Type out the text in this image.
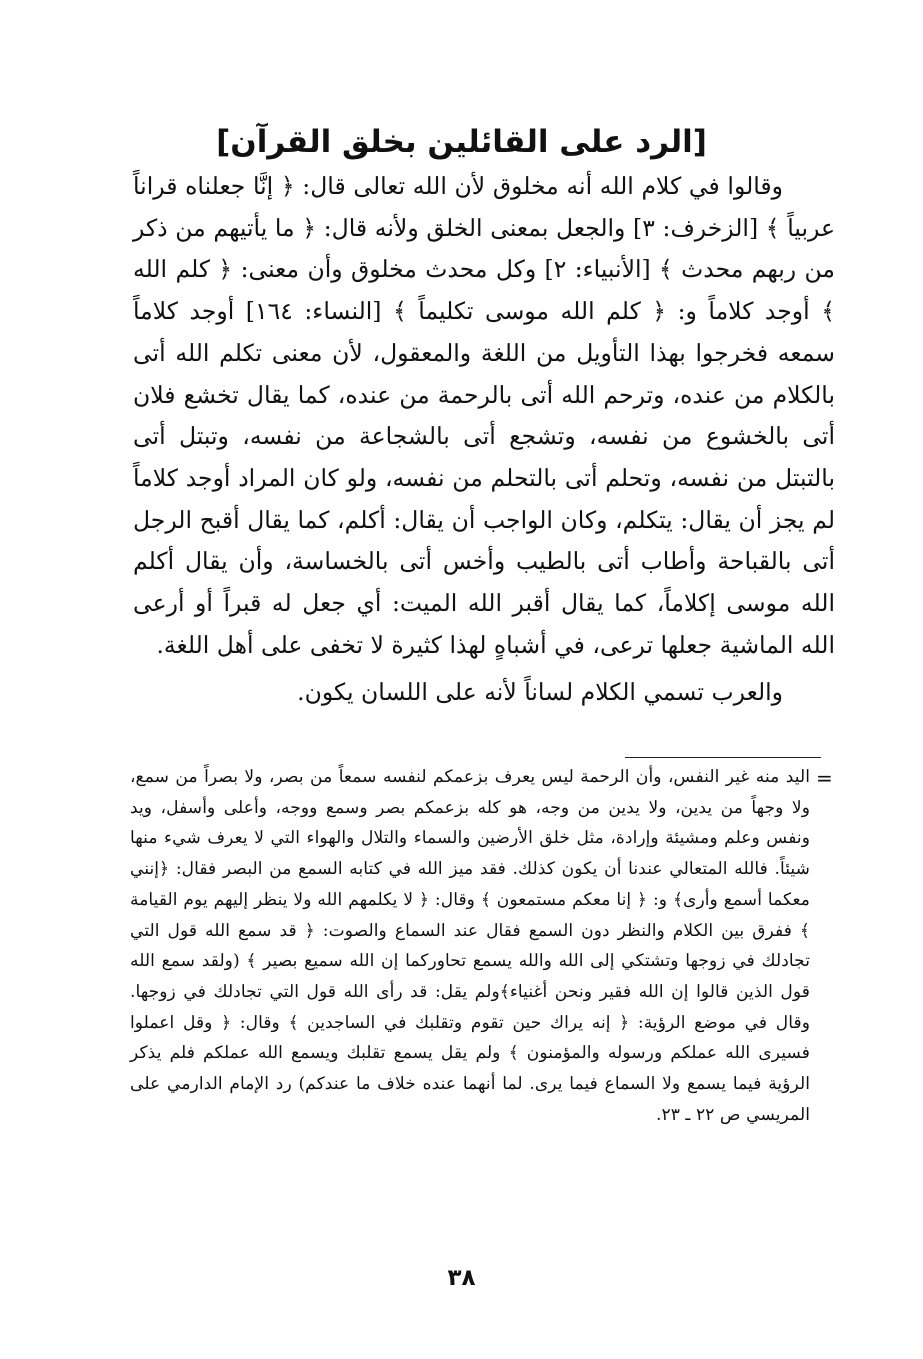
[الرد على القائلين بخلق القرآن]

وقالوا في كلام الله أنه مخلوق لأن الله تعالى قال: ﴿ إنَّا جعلناه قراناً عربياً ﴾ [الزخرف: ٣] والجعل بمعنى الخلق ولأنه قال: ﴿ ما يأتيهم من ذكر من ربهم محدث ﴾ [الأنبياء: ٢] وكل محدث مخلوق وأن معنى: ﴿ كلم الله ﴾ أوجد كلاماً و: ﴿ كلم الله موسى تكليماً ﴾ [النساء: ١٦٤] أوجد كلاماً سمعه فخرجوا بهذا التأويل من اللغة والمعقول، لأن معنى تكلم الله أتى بالكلام من عنده، وترحم الله أتى بالرحمة من عنده، كما يقال تخشع فلان أتى بالخشوع من نفسه، وتشجع أتى بالشجاعة من نفسه، وتبتل أتى بالتبتل من نفسه، وتحلم أتى بالتحلم من نفسه، ولو كان المراد أوجد كلاماً لم يجز أن يقال: يتكلم، وكان الواجب أن يقال: أكلم، كما يقال أقبح الرجل أتى بالقباحة وأطاب أتى بالطيب وأخس أتى بالخساسة، وأن يقال أكلم الله موسى إكلاماً، كما يقال أقبر الله الميت: أي جعل له قبراً أو أرعى الله الماشية جعلها ترعى، في أشباهٍ لهذا كثيرة لا تخفى على أهل اللغة.

والعرب تسمي الكلام لساناً لأنه على اللسان يكون.

=

اليد منه غير النفس، وأن الرحمة ليس يعرف بزعمكم لنفسه سمعاً من بصر، ولا بصراً من سمع، ولا وجهاً من يدين، ولا يدين من وجه، هو كله بزعمكم بصر وسمع ووجه، وأعلى وأسفل، ويد ونفس وعلم ومشيئة وإرادة، مثل خلق الأرضين والسماء والتلال والهواء التي لا يعرف شيء منها شيئاً. فالله المتعالي عندنا أن يكون كذلك. فقد ميز الله في كتابه السمع من البصر فقال: ﴿إنني معكما أسمع وأرى﴾ و: ﴿ إنا معكم مستمعون ﴾ وقال: ﴿ لا يكلمهم الله ولا ينظر إليهم يوم القيامة ﴾ ففرق بين الكلام والنظر دون السمع فقال عند السماع والصوت: ﴿ قد سمع الله قول التي تجادلك في زوجها وتشتكي إلى الله والله يسمع تحاوركما إن الله سميع بصير ﴾ (ولقد سمع الله قول الذين قالوا إن الله فقير ونحن أغنياء﴾ولم يقل: قد رأى الله قول التي تجادلك في زوجها. وقال في موضع الرؤية: ﴿ إنه يراك حين تقوم وتقلبك في الساجدين ﴾ وقال: ﴿ وقل اعملوا فسيرى الله عملكم ورسوله والمؤمنون ﴾ ولم يقل يسمع تقلبك ويسمع الله عملكم فلم يذكر الرؤية فيما يسمع ولا السماع فيما يرى. لما أنهما عنده خلاف ما عندكم) رد الإمام الدارمي على المريسي ص ٢٢ ـ ٢٣.

٣٨
